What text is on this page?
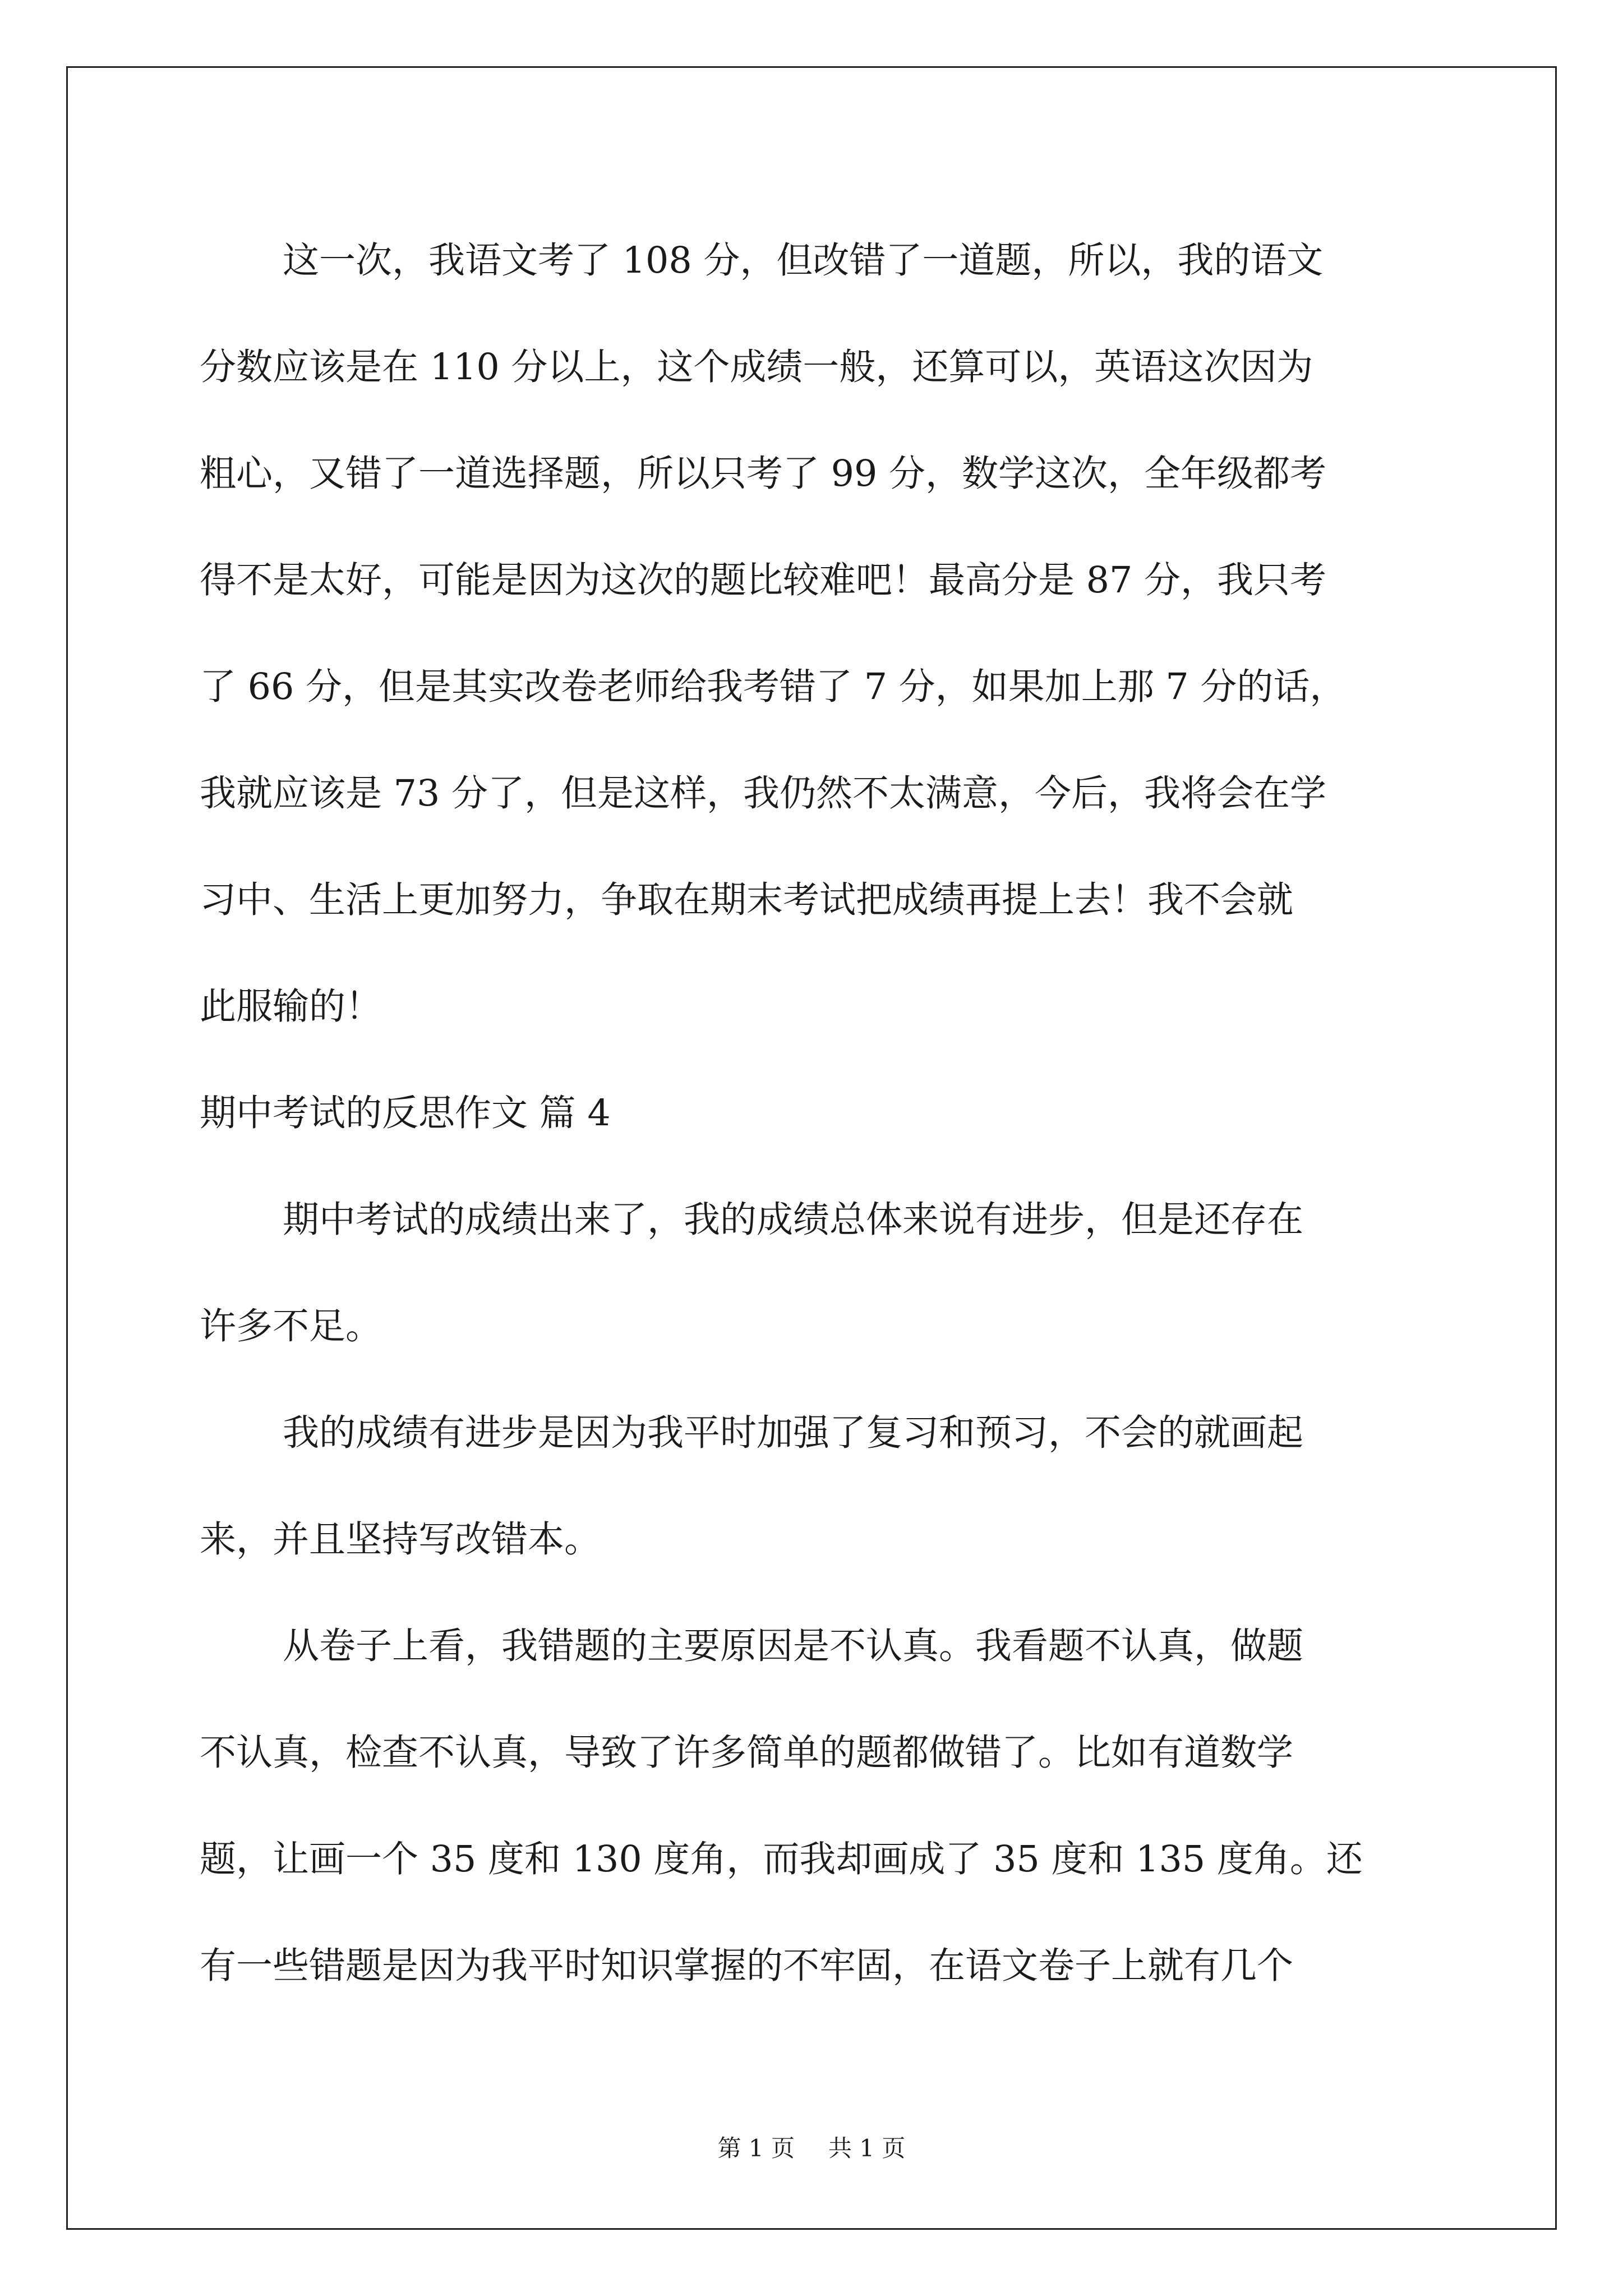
这一次，我语文考了 108 分，但改错了一道题，所以，我的语文
分数应该是在 110 分以上，这个成绩一般，还算可以，英语这次因为
粗心，又错了一道选择题，所以只考了 99 分，数学这次，全年级都考
得不是太好，可能是因为这次的题比较难吧！最高分是 87 分，我只考
了 66 分，但是其实改卷老师给我考错了 7 分，如果加上那 7 分的话，
我就应该是 73 分了，但是这样，我仍然不太满意，今后，我将会在学
习中、生活上更加努力，争取在期末考试把成绩再提上去！我不会就
此服输的！
期中考试的反思作文 篇 4
期中考试的成绩出来了，我的成绩总体来说有进步，但是还存在
许多不足。
我的成绩有进步是因为我平时加强了复习和预习，不会的就画起
来，并且坚持写改错本。
从卷子上看，我错题的主要原因是不认真。我看题不认真，做题
不认真，检查不认真，导致了许多简单的题都做错了。比如有道数学
题，让画一个 35 度和 130 度角，而我却画成了 35 度和 135 度角。还
有一些错题是因为我平时知识掌握的不牢固，在语文卷子上就有几个
第 1 页 共 1 页
